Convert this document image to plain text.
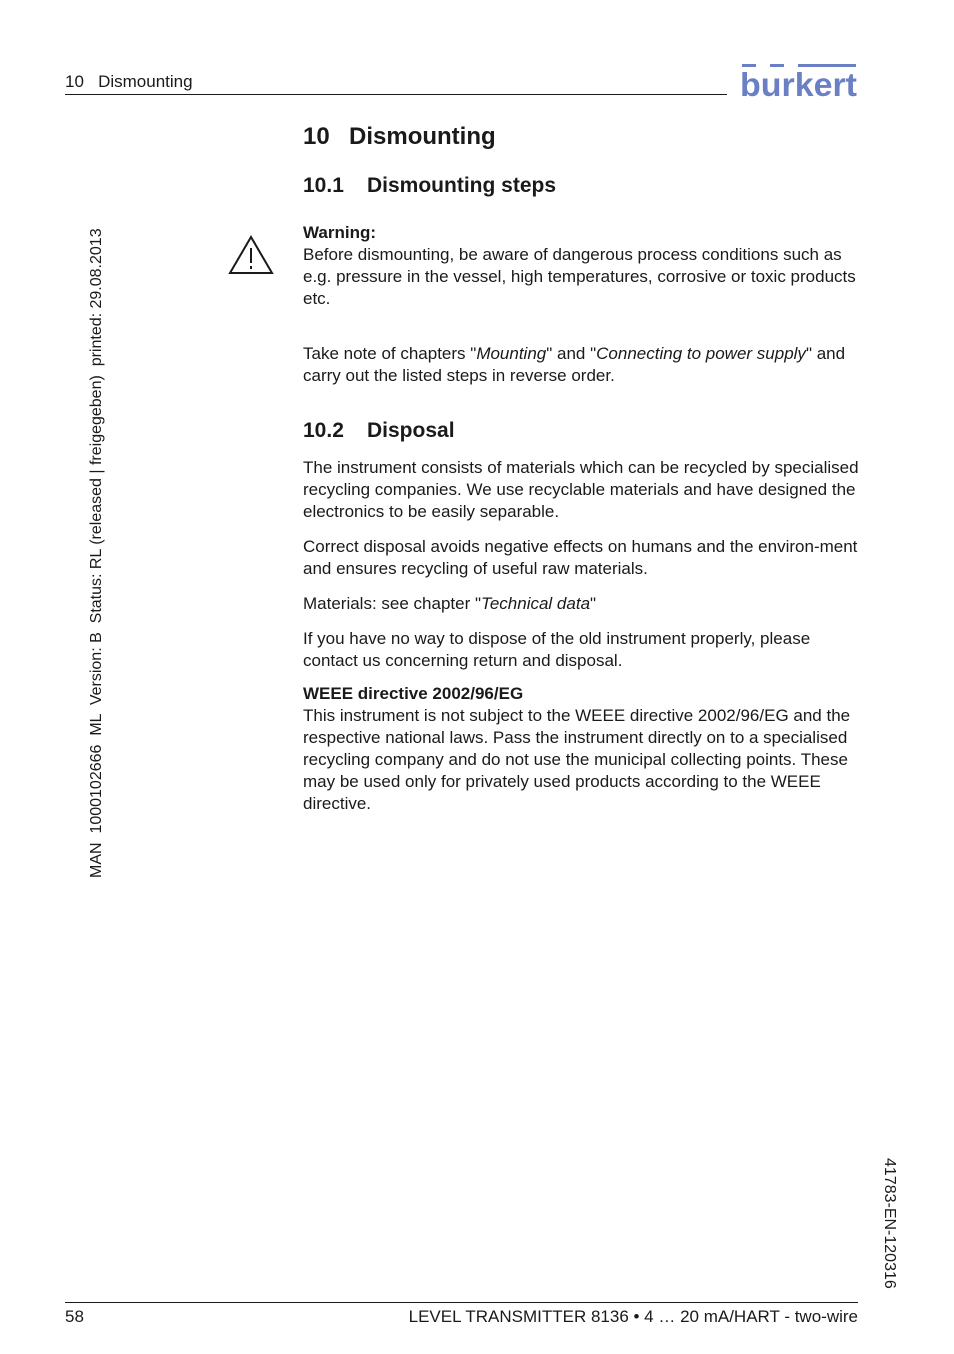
10   Dismounting	burkert
MAN  1000102666  ML  Version: B  Status: RL (released | freigegeben)  printed: 29.08.2013
41783-EN-120316
10 Dismounting
10.1 Dismounting steps

Warning:

Before dismounting, be aware of dangerous process conditions such as e.g. pressure in the vessel, high temperatures, corrosive or toxic products etc.

Take note of chapters "Mounting" and "Connecting to power supply" and carry out the listed steps in reverse order.

10.2 Disposal

The instrument consists of materials which can be recycled by specialised recycling companies. We use recyclable materials and have designed the electronics to be easily separable.

Correct disposal avoids negative effects on humans and the environ-ment and ensures recycling of useful raw materials.

Materials: see chapter "Technical data"

If you have no way to dispose of the old instrument properly, please contact us concerning return and disposal.

WEEE directive 2002/96/EG

This instrument is not subject to the WEEE directive 2002/96/EG and the respective national laws. Pass the instrument directly on to a specialised recycling company and do not use the municipal collecting points. These may be used only for privately used products according to the WEEE directive.

58	LEVEL TRANSMITTER 8136 • 4 … 20 mA/HART - two-wire
